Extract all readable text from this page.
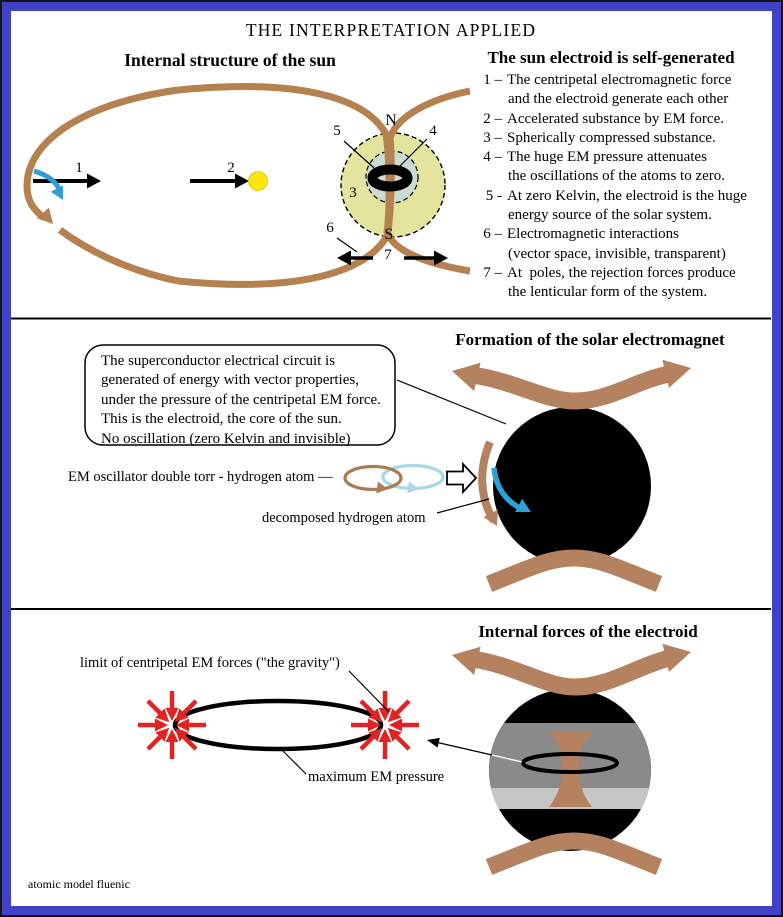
THE INTERPRETATION APPLIED
Internal structure of the sun	The sun electroid is self-generated
1 – The centripetal electromagnetic force
and the electroid generate each other
2 – Accelerated substance by EM force.
3 – Spherically compressed substance.
4 – The huge EM pressure attenuates
the oscillations of the atoms to zero.
5 - At zero Kelvin, the electroid is the huge
energy source of the solar system.
6 – Electromagnetic interactions
(vector space, invisible, transparent)
7 – At  poles, the rejection forces produce
the lenticular form of the system.
1	2
3
4
5
6
7
N
S
Formation of the solar electromagnet
The superconductor electrical circuit is
generated of energy with vector properties,
under the pressure of the centripetal EM force.
This is the electroid, the core of the sun.
No oscillation (zero Kelvin and invisible)
EM oscillator double torr - hydrogen atom —
decomposed hydrogen atom
Internal forces of the electroid
limit of centripetal EM forces ("the gravity")
maximum EM pressure
atomic model fluenic
